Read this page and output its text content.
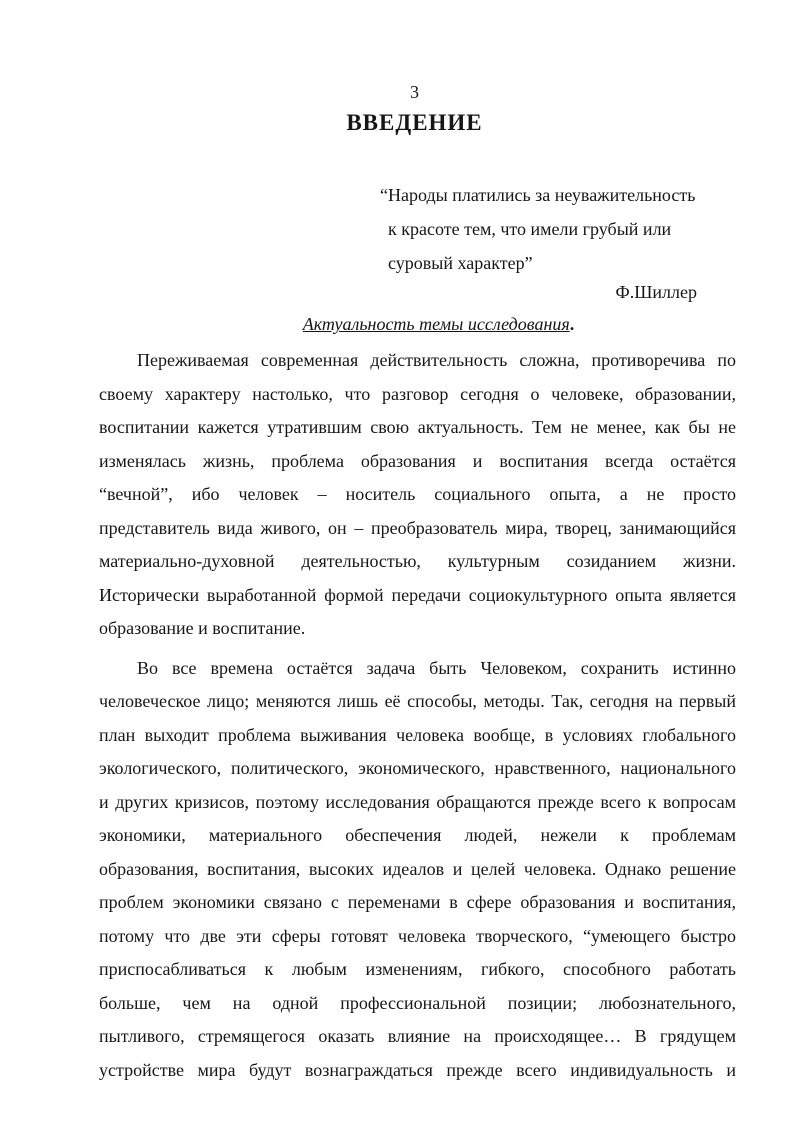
3
ВВЕДЕНИЕ
“Народы платились за неуважительность
к красоте тем, что имели грубый или
суровый характер”
Ф.Шиллер
Актуальность темы исследования.
Переживаемая современная действительность сложна, противоречива по
своему характеру настолько, что разговор сегодня о человеке, образовании,
воспитании кажется утратившим свою актуальность. Тем не менее, как бы не
изменялась жизнь, проблема образования и воспитания всегда остаётся
“вечной”, ибо человек – носитель социального опыта, а не просто
представитель вида живого, он – преобразователь мира, творец, занимающийся
материально-духовной деятельностью, культурным созиданием жизни.
Исторически выработанной формой передачи социокультурного опыта является
образование и воспитание.
Во все времена остаётся задача быть Человеком, сохранить истинно
человеческое лицо; меняются лишь её способы, методы. Так, сегодня на первый
план выходит проблема выживания человека вообще, в условиях глобального
экологического, политического, экономического, нравственного, национального
и других кризисов, поэтому исследования обращаются прежде всего к вопросам
экономики, материального обеспечения людей, нежели к проблемам
образования, воспитания, высоких идеалов и целей человека. Однако решение
проблем экономики связано с переменами в сфере образования и воспитания,
потому что две эти сферы готовят человека творческого, “умеющего быстро
приспосабливаться к любым изменениям, гибкого, способного работать
больше, чем на одной профессиональной позиции; любознательного,
пытливого, стремящегося оказать влияние на происходящее… В грядущем
устройстве мира будут вознаграждаться прежде всего индивидуальность и
